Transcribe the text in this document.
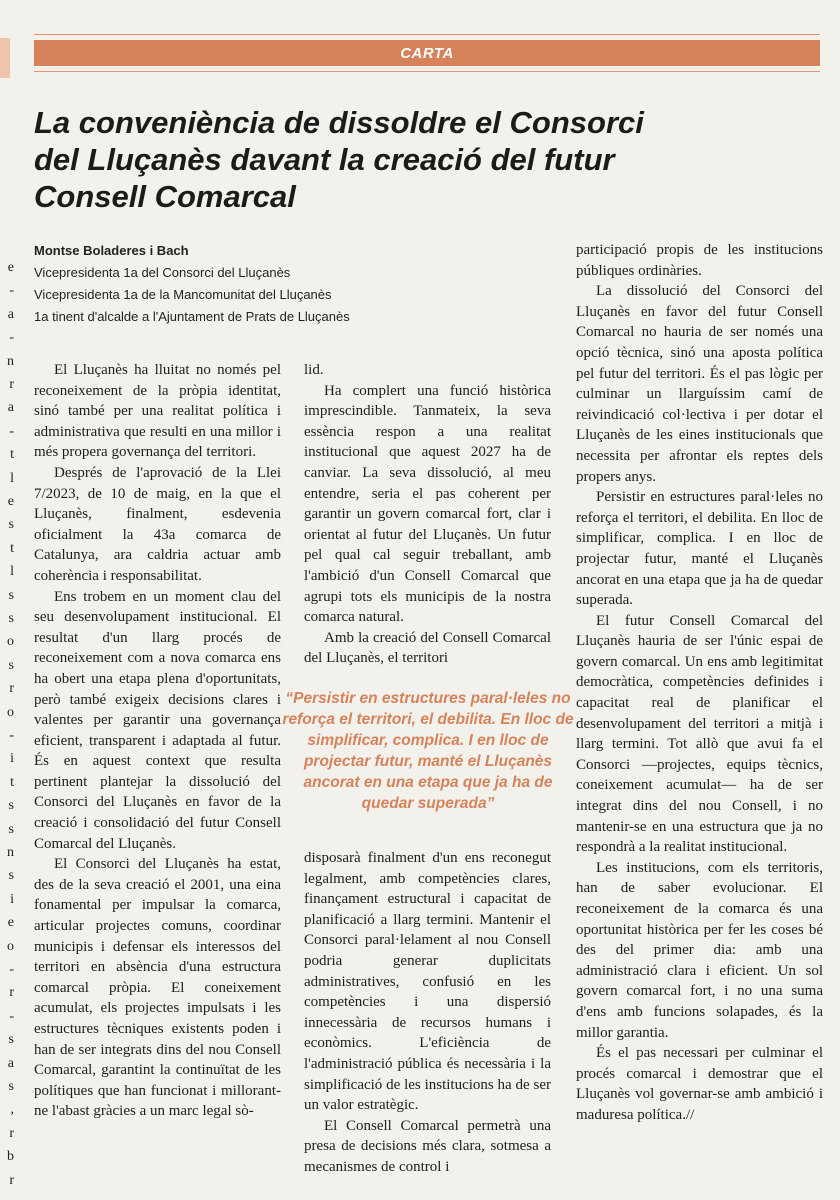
e
-
a
-
n
r
a
-
t
l
e
s
t
l
s
s
o
s
r
o
-
i
t
s
s
n
s
i
e
o
-
r
-
s
a
s
,
r
b
r
CARTA
La conveniència de dissoldre el Consorci del Lluçanès davant la creació del futur Consell Comarcal
Montse Boladeres i Bach
Vicepresidenta 1a del Consorci del Lluçanès
Vicepresidenta 1a de la Mancomunitat del Lluçanès
1a tinent d'alcalde a l'Ajuntament de Prats de Lluçanès

El Lluçanès ha lluitat no només pel reconeixement de la pròpia identitat, sinó també per una realitat política i administrativa que resulti en una millor i més propera governança del territori.

Després de l'aprovació de la Llei 7/2023, de 10 de maig, en la que el Lluçanès, finalment, esdevenia oficialment la 43a comarca de Catalunya, ara caldria actuar amb coherència i responsabilitat.

Ens trobem en un moment clau del seu desenvolupament institucional. El resultat d'un llarg procés de reconeixement com a nova comarca ens ha obert una etapa plena d'oportunitats, però també exigeix decisions clares i valentes per garantir una governança eficient, transparent i adaptada al futur. És en aquest context que resulta pertinent plantejar la dissolució del Consorci del Lluçanès en favor de la creació i consolidació del futur Consell Comarcal del Lluçanès.

El Consorci del Lluçanès ha estat, des de la seva creació el 2001, una eina fonamental per impulsar la comarca, articular projectes comuns, coordinar municipis i defensar els interessos del territori en absència d'una estructura comarcal pròpia. El coneixement acumulat, els projectes impulsats i les estructures tècniques existents poden i han de ser integrats dins del nou Consell Comarcal, garantint la continuïtat de les polítiques que han funcionat i millorant-ne l'abast gràcies a un marc legal sò-

lid.

Ha complert una funció històrica imprescindible. Tanmateix, la seva essència respon a una realitat institucional que aquest 2027 ha de canviar. La seva dissolució, al meu entendre, seria el pas coherent per garantir un govern comarcal fort, clar i orientat al futur del Lluçanès. Un futur pel qual cal seguir treballant, amb l'ambició d'un Consell Comarcal que agrupi tots els municipis de la nostra comarca natural.

Amb la creació del Consell Comarcal del Lluçanès, el territori

“Persistir en estructures paral·leles no reforça el territori, el debilita. En lloc de simplificar, complica. I en lloc de projectar futur, manté el Lluçanès ancorat en una etapa que ja ha de quedar superada”

disposarà finalment d'un ens reconegut legalment, amb competències clares, finançament estructural i capacitat de planificació a llarg termini. Mantenir el Consorci paral·lelament al nou Consell podria generar duplicitats administratives, confusió en les competències i una dispersió innecessària de recursos humans i econòmics. L'eficiència de l'administració pública és necessària i la simplificació de les institucions ha de ser un valor estratègic.

El Consell Comarcal permetrà una presa de decisions més clara, sotmesa a mecanismes de control i

participació propis de les institucions públiques ordinàries.

La dissolució del Consorci del Lluçanès en favor del futur Consell Comarcal no hauria de ser només una opció tècnica, sinó una aposta política pel futur del territori. És el pas lògic per culminar un llarguíssim camí de reivindicació col·lectiva i per dotar el Lluçanès de les eines institucionals que necessita per afrontar els reptes dels propers anys.

Persistir en estructures paral·leles no reforça el territori, el debilita. En lloc de simplificar, complica. I en lloc de projectar futur, manté el Lluçanès ancorat en una etapa que ja ha de quedar superada.

El futur Consell Comarcal del Lluçanès hauria de ser l'únic espai de govern comarcal. Un ens amb legitimitat democràtica, competències definides i capacitat real de planificar el desenvolupament del territori a mitjà i llarg termini. Tot allò que avui fa el Consorci —projectes, equips tècnics, coneixement acumulat— ha de ser integrat dins del nou Consell, i no mantenir-se en una estructura que ja no respondrà a la realitat institucional.

Les institucions, com els territoris, han de saber evolucionar. El reconeixement de la comarca és una oportunitat històrica per fer les coses bé des del primer dia: amb una administració clara i eficient. Un sol govern comarcal fort, i no una suma d'ens amb funcions solapades, és la millor garantia.

És el pas necessari per culminar el procés comarcal i demostrar que el Lluçanès vol governar-se amb ambició i maduresa política.//
